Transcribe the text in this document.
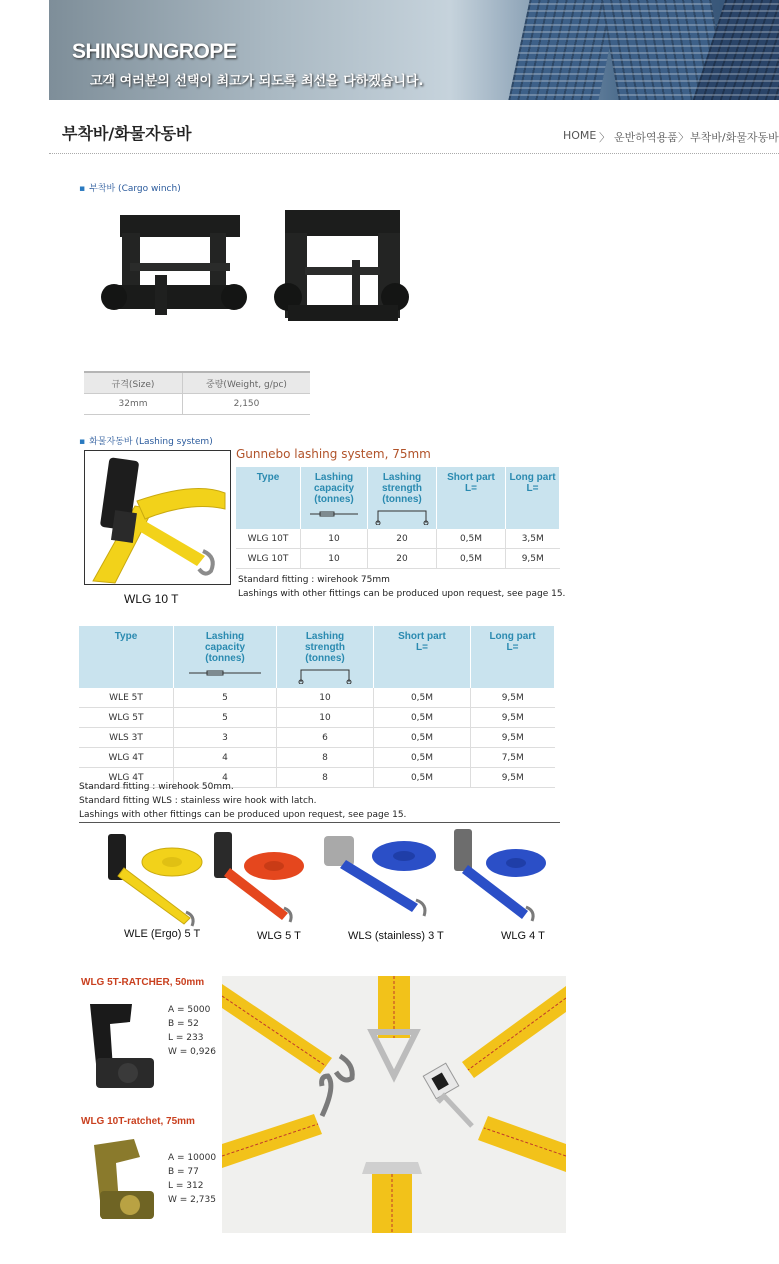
SHINSUNGROPE
고객 여러분의 선택이 최고가 되도록 최선을 다하겠습니다.
부착바/화물자동바	HOME 〉 운반하역용품 〉 부착바/화물자동바
▪ 부착바 (Cargo winch)
규격(Size)	중량(Weight, g/pc)
32mm	2,150
▪ 화물자동바 (Lashing system)
WLG 10 T
Gunnebo lashing system, 75mm
Type	Lashing capacity (tonnes)	Lashing strength (tonnes)	Short part L=	Long part L=

WLG 10T	10	20	0,5M	3,5M
WLG 10T	10	20	0,5M	9,5M
Standard fitting : wirehook 75mm
Lashings with other fittings can be produced upon request, see page 15.
Type	Lashing capacity (tonnes)	Lashing strength (tonnes)	Short part L=	Long part L=

WLE 5T	5	10	0,5M	9,5M
WLG 5T	5	10	0,5M	9,5M
WLS 3T	3	6	0,5M	9,5M
WLG 4T	4	8	0,5M	7,5M
WLG 4T	4	8	0,5M	9,5M
Standard fitting : wirehook 50mm.
Standard fitting WLS : stainless wire hook with latch.
Lashings with other fittings can be produced upon request, see page 15.
WLE (Ergo) 5 T	WLG 5 T	WLS (stainless) 3 T	WLG 4 T
WLG 5T-RATCHER, 50mm
A = 5000
B = 52
L = 233
W = 0,926
WLG 10T-ratchet, 75mm
A = 10000
B = 77
L = 312
W = 2,735
